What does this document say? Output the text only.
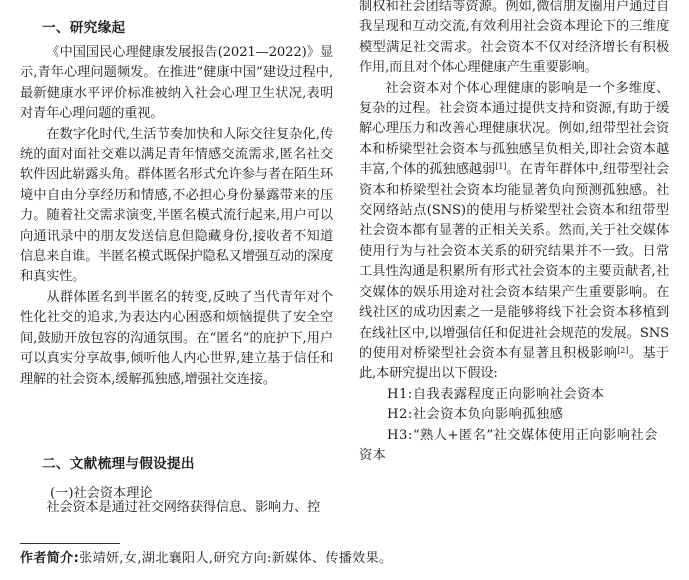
一、研究缘起

《中国国民心理健康发展报告(2021—2022)》显示,青年心理问题频发。在推进“健康中国”建设过程中,最新健康水平评价标准被纳入社会心理卫生状况,表明对青年心理问题的重视。

在数字化时代,生活节奏加快和人际交往复杂化,传统的面对面社交难以满足青年情感交流需求,匿名社交软件因此崭露头角。群体匿名形式允许参与者在陌生环境中自由分享经历和情感,不必担心身份暴露带来的压力。随着社交需求演变,半匿名模式流行起来,用户可以向通讯录中的朋友发送信息但隐藏身份,接收者不知道信息来自谁。半匿名模式既保护隐私又增强互动的深度和真实性。

从群体匿名到半匿名的转变,反映了当代青年对个性化社交的追求,为表达内心困惑和烦恼提供了安全空间,鼓励开放包容的沟通氛围。在“匿名”的庇护下,用户可以真实分享故事,倾听他人内心世界,建立基于信任和理解的社会资本,缓解孤独感,增强社交连接。

二、文献梳理与假设提出
(一)社会资本理论

社会资本是通过社交网络获得信息、影响力、控

制权和社会团结等资源。例如,微信朋友圈用户通过自我呈现和互动交流,有效利用社会资本理论下的三维度模型满足社交需求。社会资本不仅对经济增长有积极作用,而且对个体心理健康产生重要影响。

社会资本对个体心理健康的影响是一个多维度、复杂的过程。社会资本通过提供支持和资源,有助于缓解心理压力和改善心理健康状况。例如,纽带型社会资本和桥梁型社会资本与孤独感呈负相关,即社会资本越丰富,个体的孤独感越弱[1]。在青年群体中,纽带型社会资本和桥梁型社会资本均能显著负向预测孤独感。社交网络站点(SNS)的使用与桥梁型社会资本和纽带型社会资本都有显著的正相关关系。然而,关于社交媒体使用行为与社会资本关系的研究结果并不一致。日常工具性沟通是积累所有形式社会资本的主要贡献者,社交媒体的娱乐用途对社会资本结果产生重要影响。在线社区的成功因素之一是能够将线下社会资本移植到在线社区中,以增强信任和促进社会规范的发展。SNS的使用对桥梁型社会资本有显著且积极影响[2]。基于此,本研究提出以下假设:

H1:自我表露程度正向影响社会资本

H2:社会资本负向影响孤独感

H3:“熟人+匿名”社交媒体使用正向影响社会资本

作者简介:张靖妍,女,湖北襄阳人,研究方向:新媒体、传播效果。
